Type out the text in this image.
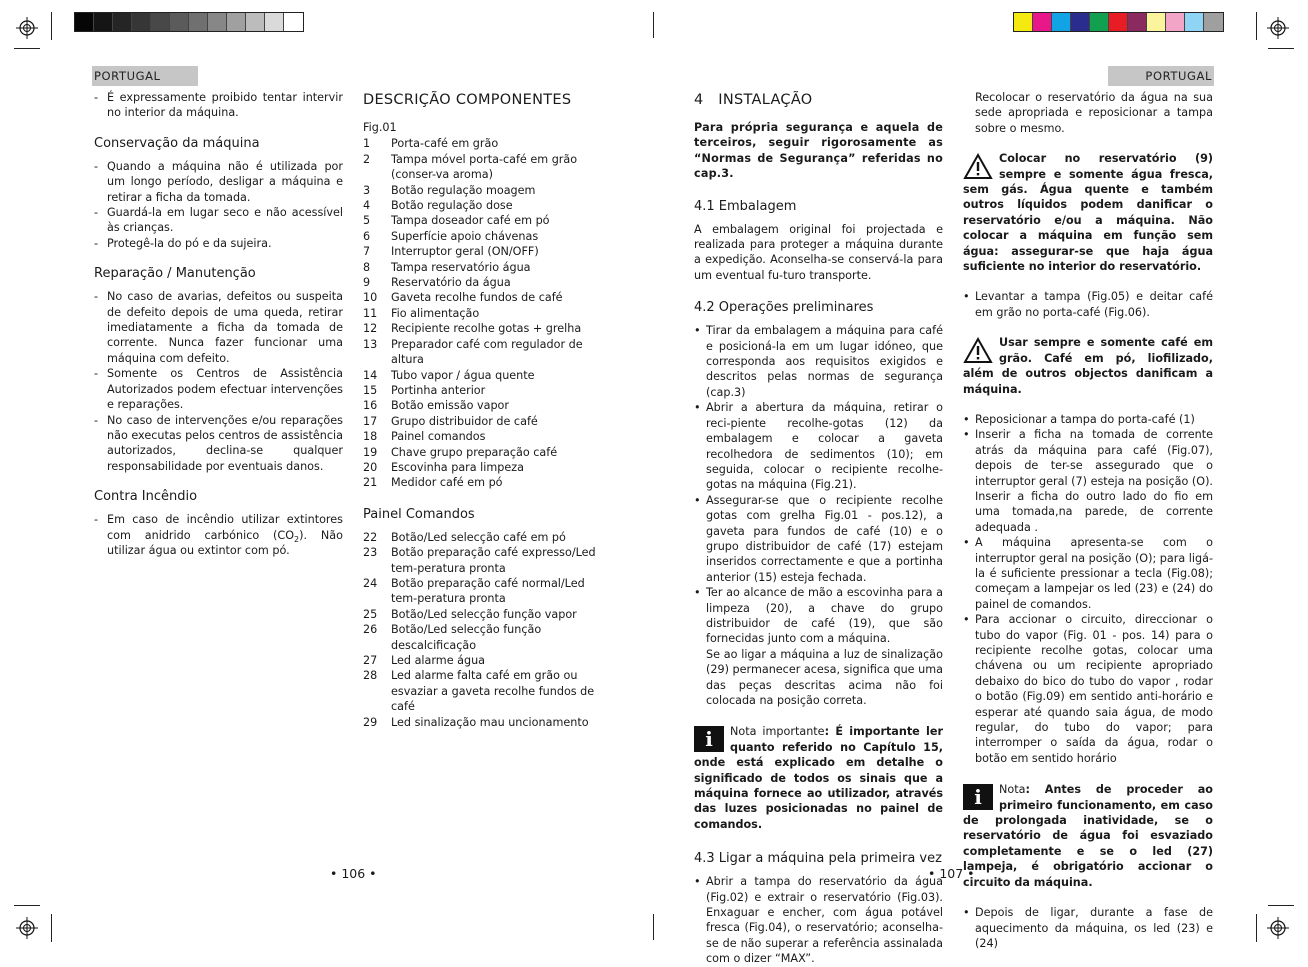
PORTUGAL	PORTUGAL
- É expressamente proibido tentar intervir no interior da máquina.
Conservação da máquina
- Quando a máquina não é utilizada por um longo período, desligar a máquina e retirar a ficha da tomada.
- Guardá-la em lugar seco e não acessível às crianças.
- Protegê-la do pó e da sujeira.
Reparação / Manutenção
- No caso de avarias, defeitos ou suspeita de defeito depois de uma queda, retirar imediatamente a ficha da tomada de corrente. Nunca fazer funcionar uma máquina com defeito.
- Somente os Centros de Assistência Autorizados podem efectuar intervenções e reparações.
- No caso de intervenções e/ou reparações não executas pelos centros de assistência autorizados, declina-se qualquer responsabilidade por eventuais danos.
Contra Incêndio
- Em caso de incêndio utilizar extintores com anidrido carbónico $(CO_2)$. Não utilizar água ou extintor com pó.
DESCRIÇÃO COMPONENTES
Fig.01
1 Porta-café em grão
2 Tampa móvel porta-café em grão (conser-va aroma)
3 Botão regulação moagem
4 Botão regulação dose
5 Tampa doseador café em pó
6 Superfície apoio chávenas
7 Interruptor geral (ON/OFF)
8 Tampa reservatório água
9 Reservatório da água
10 Gaveta recolhe fundos de café
11 Fio alimentação
12 Recipiente recolhe gotas + grelha
13 Preparador café com regulador de altura
14 Tubo vapor / água quente
15 Portinha anterior
16 Botão emissão vapor
17 Grupo distribuidor de café
18 Painel comandos
19 Chave grupo preparação café
20 Escovinha para limpeza
21 Medidor café em pó
Painel Comandos
22 Botão/Led selecção café em pó
23 Botão preparação café expresso/Led tem-peratura pronta
24 Botão preparação café normal/Led tem-peratura pronta
25 Botão/Led selecção função vapor
26 Botão/Led selecção função descalcificação
27 Led alarme água
28 Led alarme falta café em grão ou esvaziar a gaveta recolhe fundos de café
29 Led sinalização mau uncionamento
4 INSTALAÇÃO

Para própria segurança e aquela de terceiros, seguir rigorosamente as “Normas de Segurança” referidas no cap.3.

4.1 Embalagem

A embalagem original foi projectada e realizada para proteger a máquina durante a expedição. Aconselha-se conservá-la para um eventual fu-turo transporte.

4.2 Operações preliminares
• Tirar da embalagem a máquina para café e posicioná-la em um lugar idóneo, que corresponda aos requisitos exigidos e descritos pelas normas de segurança (cap.3)
• Abrir a abertura da máquina, retirar o reci-piente recolhe-gotas (12) da embalagem e colocar a gaveta recolhedora de sedimentos (10); em seguida, colocar o recipiente recolhe-gotas na máquina (Fig.21).
• Assegurar-se que o recipiente recolhe gotas com grelha Fig.01 - pos.12), a gaveta para fundos de café (10) e o grupo distribuidor de café (17) estejam inseridos correctamente e que a portinha anterior (15) esteja fechada.
• Ter ao alcance de mão a escovinha para a limpeza (20), a chave do grupo distribuidor de café (19), que são fornecidas junto com a máquina.

Se ao ligar a máquina a luz de sinalização (29) permanecer acesa, significa que uma das peças descritas acima não foi colocada na posição correta.

i	Nota importante: É importante ler quanto referido no Capítulo 15, onde está explicado em detalhe o significado de todos os sinais que a máquina fornece ao utilizador, através das luzes posicionadas no painel de comandos.
4.3 Ligar a máquina pela primeira vez
• Abrir a tampa do reservatório da água (Fig.02) e extrair o reservatório (Fig.03). Enxaguar e encher, com água potável fresca (Fig.04), o reservatório; aconselha-se de não superar a referência assinalada com o dizer “MAX”.

Recolocar o reservatório da água na sua sede apropriada e reposicionar a tampa sobre o mesmo.

Colocar no reservatório (9) sempre e somente água fresca, sem gás. Água quente e também outros líquidos podem danificar o reservatório e/ou a máquina. Não colocar a máquina em função sem água: assegurar-se que haja água suficiente no interior do reservatório.
• Levantar a tampa (Fig.05) e deitar café em grão no porta-café (Fig.06).
Usar sempre e somente café em grão. Café em pó, liofilizado, além de outros objectos danificam a máquina.
• Reposicionar a tampa do porta-café (1)
• Inserir a ficha na tomada de corrente atrás da máquina para café (Fig.07), depois de ter-se assegurado que o interruptor geral (7) esteja na posição (O). Inserir a ficha do outro lado do fio em uma tomada,na parede, de corrente adequada .
• A máquina apresenta-se com o interruptor geral na posição (O); para ligá-la é suficiente pressionar a tecla (Fig.08); começam a lampejar os led (23) e (24) do painel de comandos.
• Para accionar o circuito, direccionar o tubo do vapor (Fig. 01 - pos. 14) para o recipiente recolhe gotas, colocar uma chávena ou um recipiente apropriado debaixo do bico do tubo do vapor , rodar o botão (Fig.09) em sentido anti-horário e esperar até quando saia água, de modo regular, do tubo do vapor; para interromper o saída da água, rodar o botão em sentido horário
i	Nota: Antes de proceder ao primeiro funcionamento, em caso de prolongada inatividade, se o reservatório de água foi esvaziado completamente e se o led (27) lampeja, é obrigatório accionar o circuito da máquina.
• Depois de ligar, durante a fase de aquecimento da máquina, os led (23) e (24)
• 106 •	• 107 •
